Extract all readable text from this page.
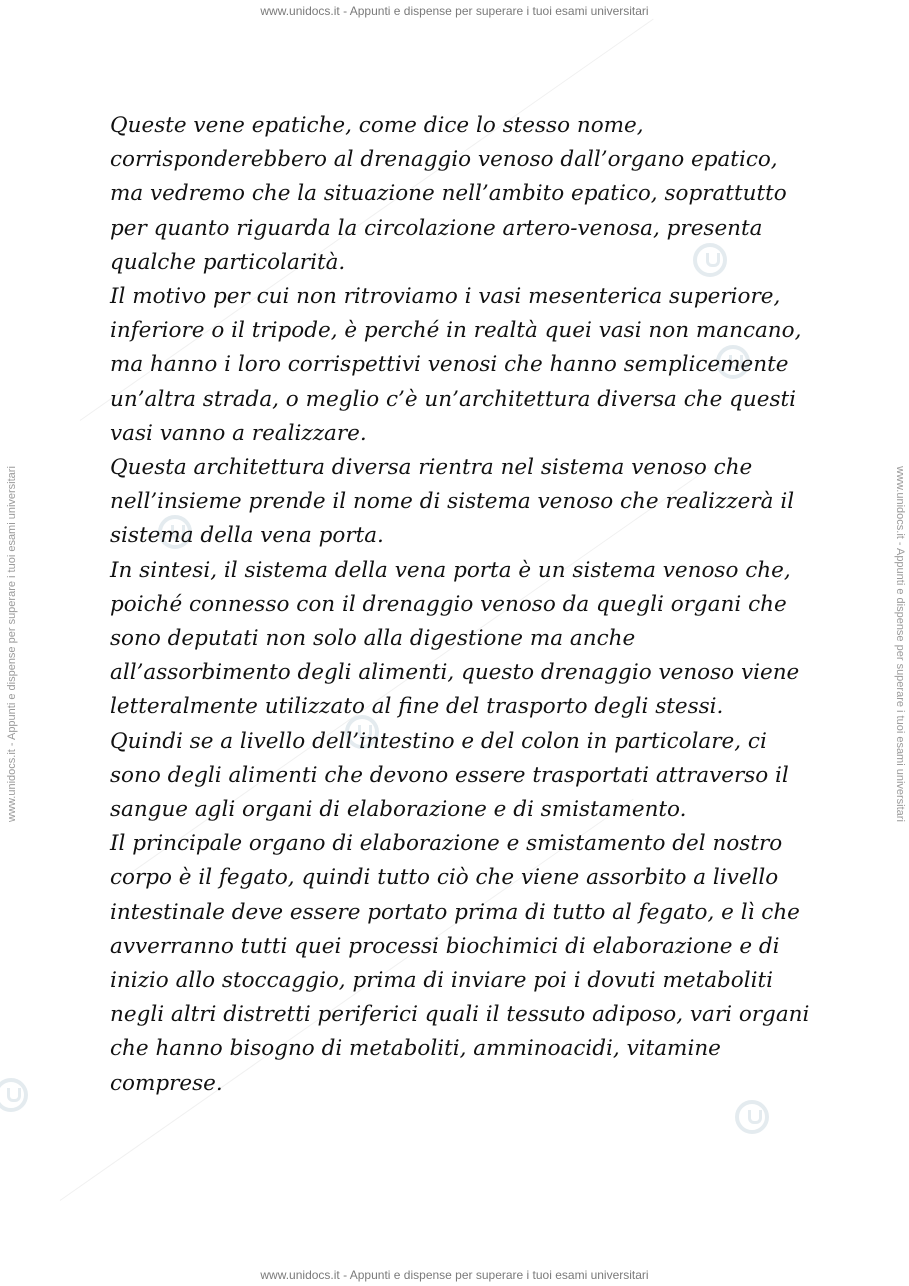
www.unidocs.it - Appunti e dispense per superare i tuoi esami universitari
www.unidocs.it - Appunti e dispense per superare i tuoi esami universitari	www.unidocs.it - Appunti e dispense per superare i tuoi esami universitari

Queste vene epatiche, come dice lo stesso nome, corrisponderebbero al drenaggio venoso dall’organo epatico, ma vedremo che la situazione nell’ambito epatico, soprattutto per quanto riguarda la circolazione artero-venosa, presenta qualche particolarità.

Il motivo per cui non ritroviamo i vasi mesenterica superiore, inferiore o il tripode, è perché in realtà quei vasi non mancano, ma hanno i loro corrispettivi venosi che hanno semplicemente un’altra strada, o meglio c’è un’architettura diversa che questi vasi vanno a realizzare.

Questa architettura diversa rientra nel sistema venoso che nell’insieme prende il nome di sistema venoso che realizzerà il sistema della vena porta.

In sintesi, il sistema della vena porta è un sistema venoso che, poiché connesso con il drenaggio venoso da quegli organi che sono deputati non solo alla digestione ma anche all’assorbimento degli alimenti, questo drenaggio venoso viene letteralmente utilizzato al fine del trasporto degli stessi.

Quindi se a livello dell’intestino e del colon in particolare, ci sono degli alimenti che devono essere trasportati attraverso il sangue agli organi di elaborazione e di smistamento.

Il principale organo di elaborazione e smistamento del nostro corpo è il fegato, quindi tutto ciò che viene assorbito a livello intestinale deve essere portato prima di tutto al fegato, e lì che avverranno tutti quei processi biochimici di elaborazione e di inizio allo stoccaggio, prima di inviare poi i dovuti metaboliti negli altri distretti periferici quali il tessuto adiposo, vari organi che hanno bisogno di metaboliti, amminoacidi, vitamine comprese.

www.unidocs.it - Appunti e dispense per superare i tuoi esami universitari
